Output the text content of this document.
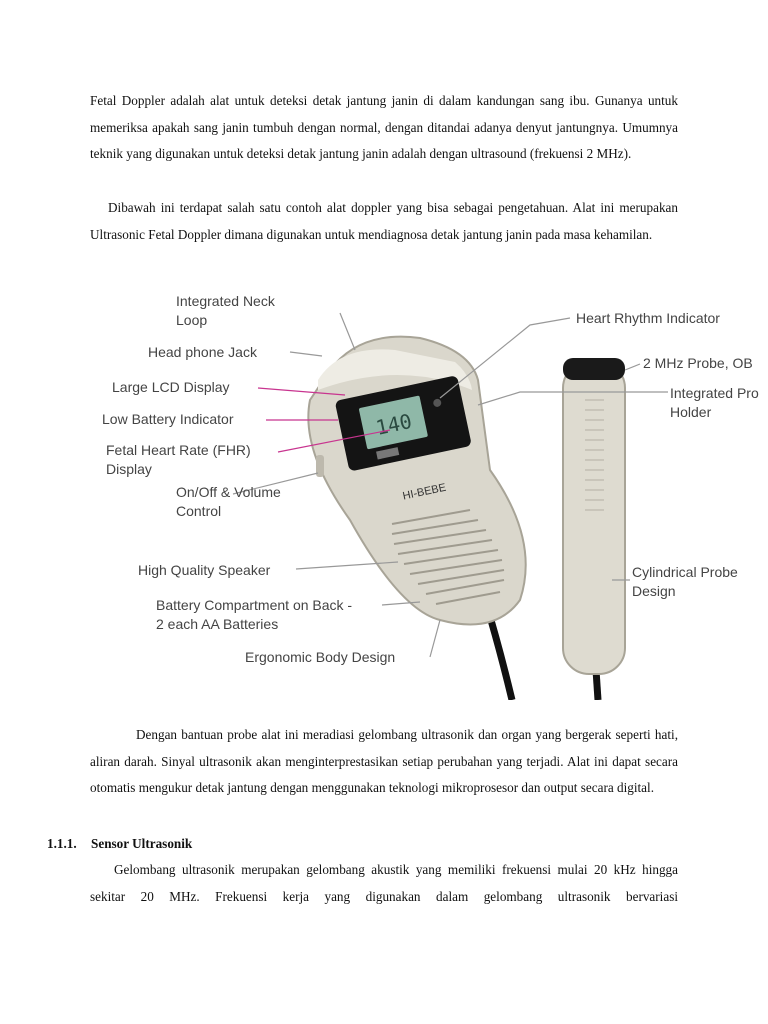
Fetal Doppler adalah alat untuk deteksi detak jantung janin di dalam kandungan sang ibu. Gunanya untuk memeriksa apakah sang janin tumbuh dengan normal, dengan ditandai adanya denyut jantungnya. Umumnya teknik yang digunakan untuk deteksi detak jantung janin adalah dengan ultrasound (frekuensi 2 MHz).

Dibawah ini terdapat salah satu contoh alat doppler yang bisa sebagai pengetahuan. Alat ini merupakan Ultrasonic Fetal Doppler dimana digunakan untuk mendiagnosa detak jantung janin pada masa kehamilan.

140
HI-BEBE
Integrated Neck
Loop
Head phone Jack
Large LCD Display
Low Battery Indicator
Fetal Heart Rate (FHR)
Display
On/Off & Volume
Control
High Quality Speaker
Battery Compartment on Back -
2 each AA Batteries
Ergonomic Body Design
Heart Rhythm Indicator
2 MHz Probe, OB
Integrated Pro
Holder
Cylindrical Probe
Design

Dengan bantuan probe alat ini meradiasi gelombang ultrasonik dan organ yang bergerak seperti hati, aliran darah. Sinyal ultrasonik akan menginterprestasikan setiap perubahan yang terjadi. Alat ini dapat secara otomatis mengukur detak jantung dengan menggunakan teknologi mikroprosesor dan output secara digital.

1.1.1. Sensor Ultrasonik

Gelombang ultrasonik merupakan gelombang akustik yang memiliki frekuensi mulai 20 kHz hingga sekitar 20 MHz. Frekuensi kerja yang digunakan dalam gelombang ultrasonik bervariasi
